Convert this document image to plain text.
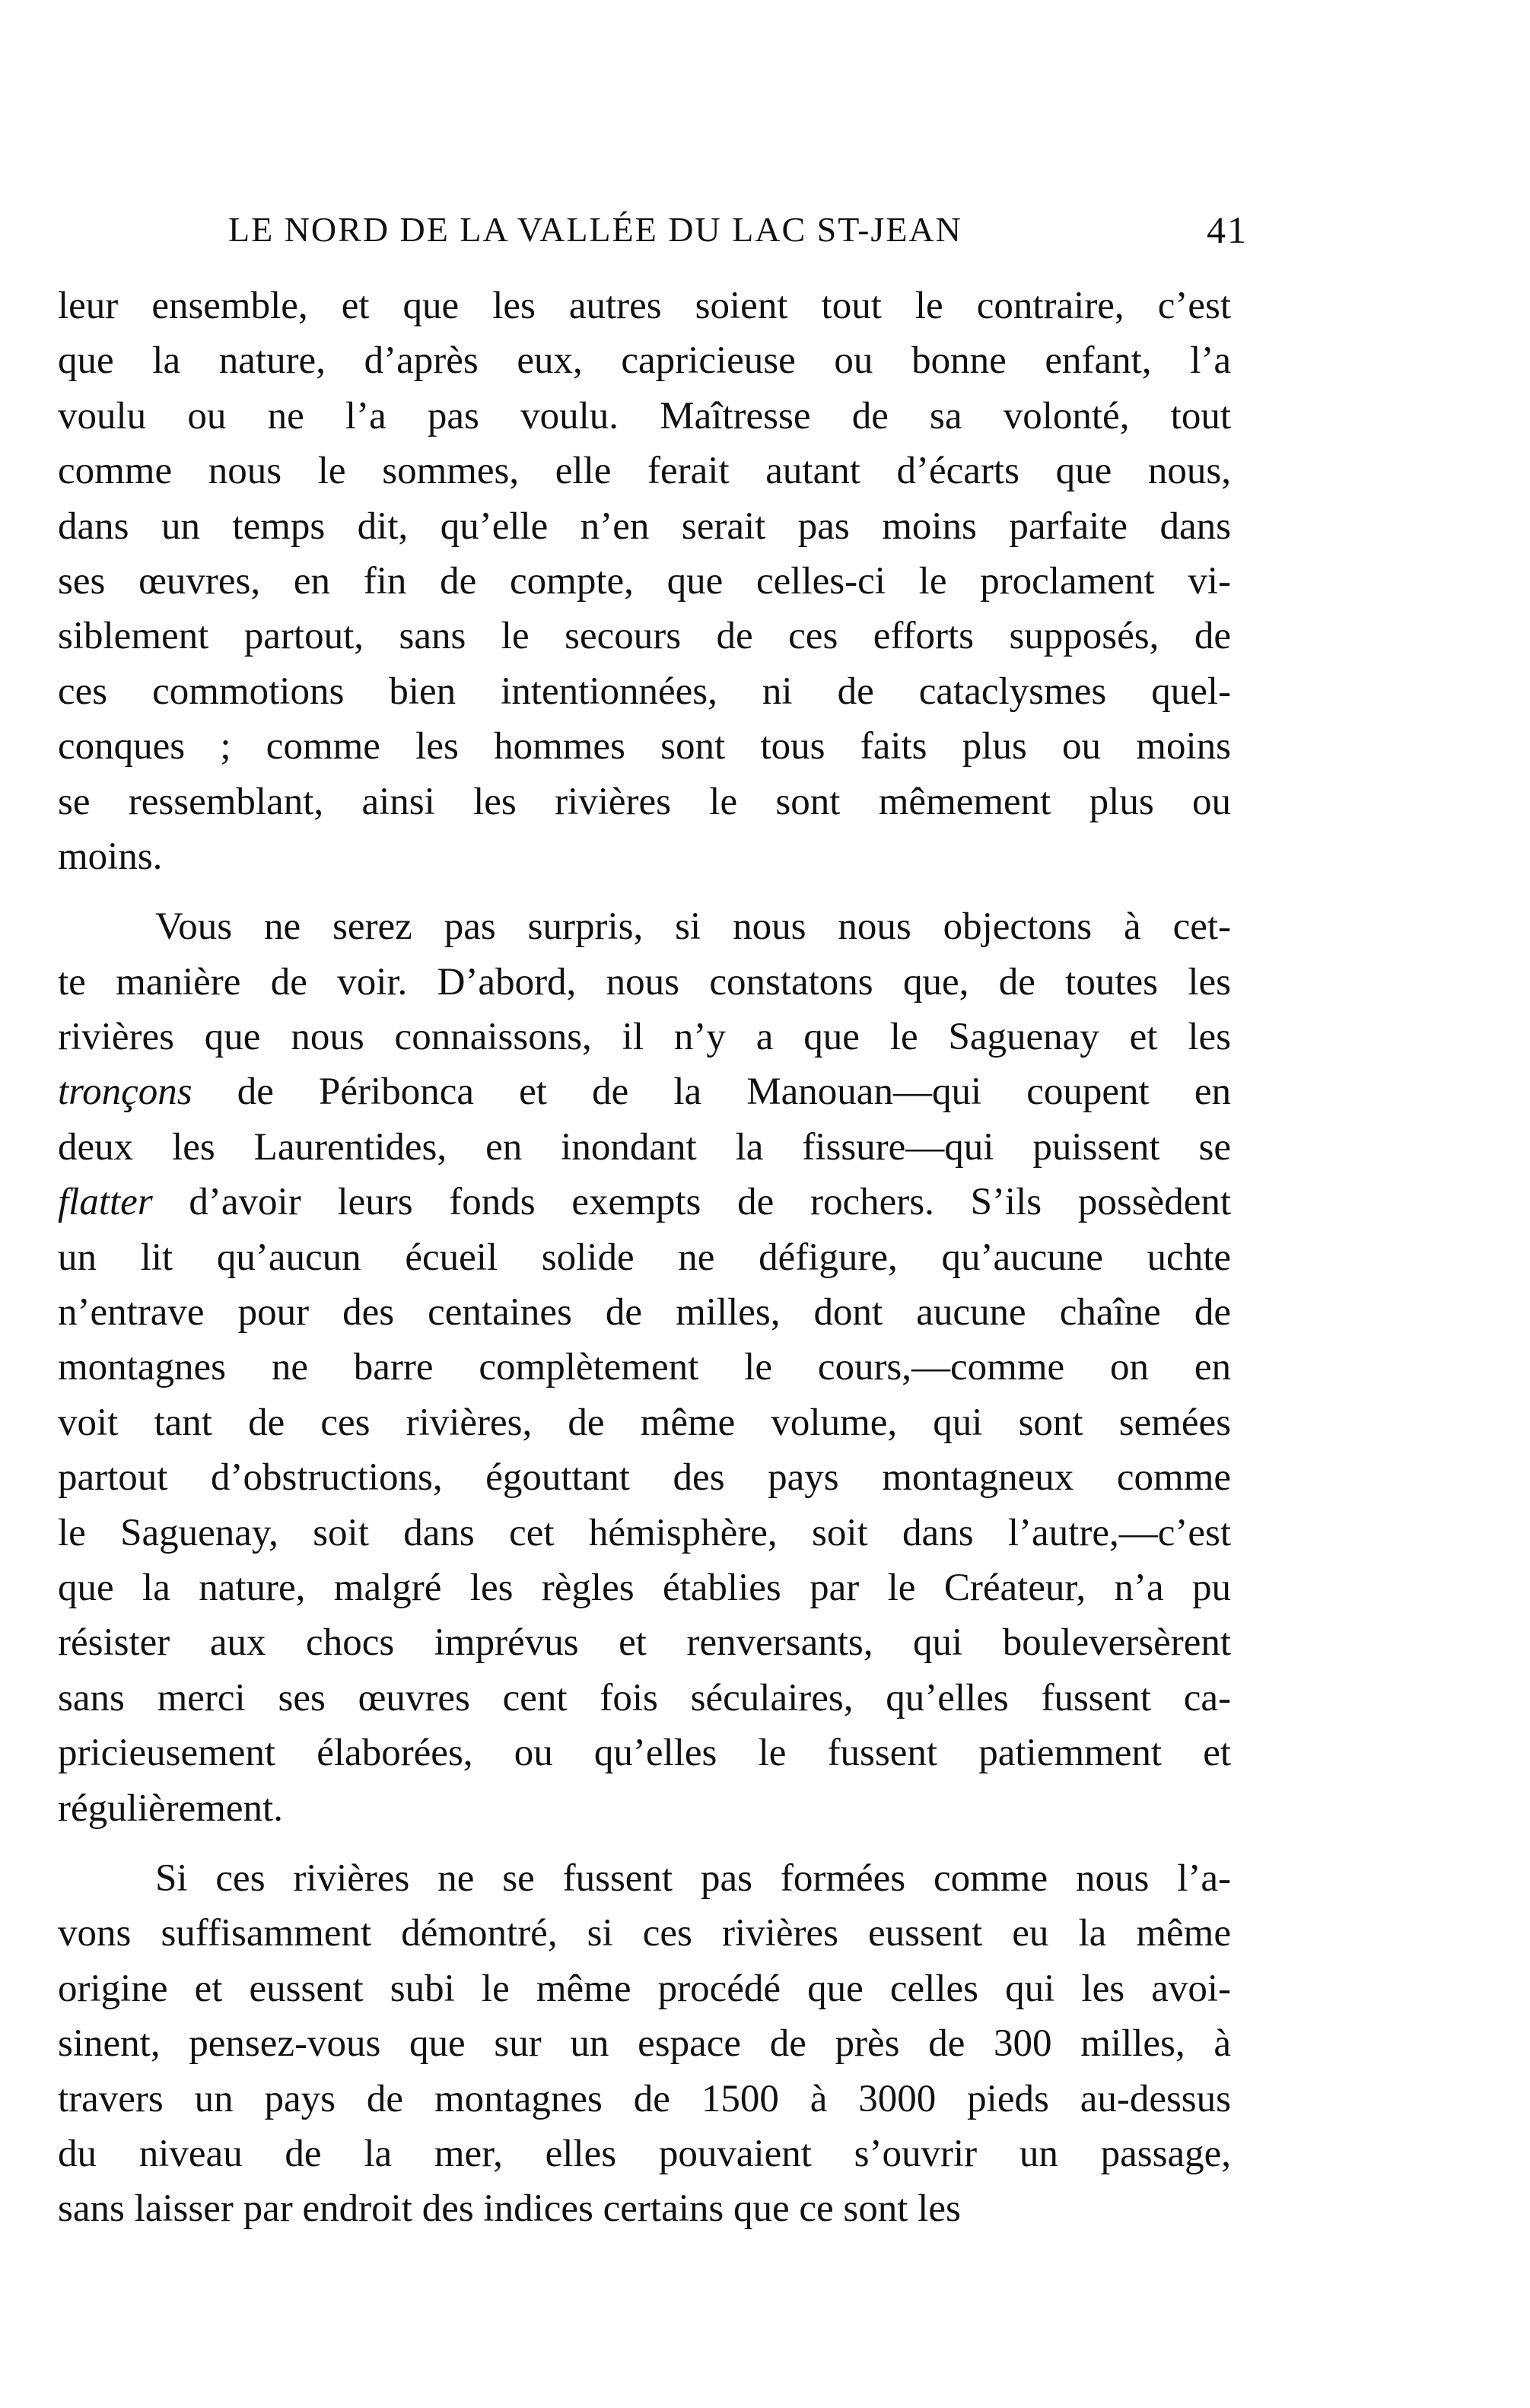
LE NORD DE LA VALLÉE DU LAC ST-JEAN	41
leur ensemble, et que les autres soient tout le contraire, c’est
que la nature, d’après eux, capricieuse ou bonne enfant, l’a
voulu ou ne l’a pas voulu. Maîtresse de sa volonté, tout
comme nous le sommes, elle ferait autant d’écarts que nous,
dans un temps dit, qu’elle n’en serait pas moins parfaite dans
ses œuvres, en fin de compte, que celles-ci le proclament vi-
siblement partout, sans le secours de ces efforts supposés, de
ces commotions bien intentionnées, ni de cataclysmes quel-
conques ; comme les hommes sont tous faits plus ou moins
se ressemblant, ainsi les rivières le sont mêmement plus ou
moins.
Vous ne serez pas surpris, si nous nous objectons à cet-
te manière de voir. D’abord, nous constatons que, de toutes les
rivières que nous connaissons, il n’y a que le Saguenay et les
tronçons de Péribonca et de la Manouan—qui coupent en
deux les Laurentides, en inondant la fissure—qui puissent se
flatter d’avoir leurs fonds exempts de rochers. S’ils possèdent
un lit qu’aucun écueil solide ne défigure, qu’aucune uchte
n’entrave pour des centaines de milles, dont aucune chaîne de
montagnes ne barre complètement le cours,—comme on en
voit tant de ces rivières, de même volume, qui sont semées
partout d’obstructions, égouttant des pays montagneux comme
le Saguenay, soit dans cet hémisphère, soit dans l’autre,—c’est
que la nature, malgré les règles établies par le Créateur, n’a pu
résister aux chocs imprévus et renversants, qui bouleversèrent
sans merci ses œuvres cent fois séculaires, qu’elles fussent ca-
pricieusement élaborées, ou qu’elles le fussent patiemment et
régulièrement.
Si ces rivières ne se fussent pas formées comme nous l’a-
vons suffisamment démontré, si ces rivières eussent eu la même
origine et eussent subi le même procédé que celles qui les avoi-
sinent, pensez-vous que sur un espace de près de 300 milles, à
travers un pays de montagnes de 1500 à 3000 pieds au-dessus
du niveau de la mer, elles pouvaient s’ouvrir un passage,
sans laisser par endroit des indices certains que ce sont les
